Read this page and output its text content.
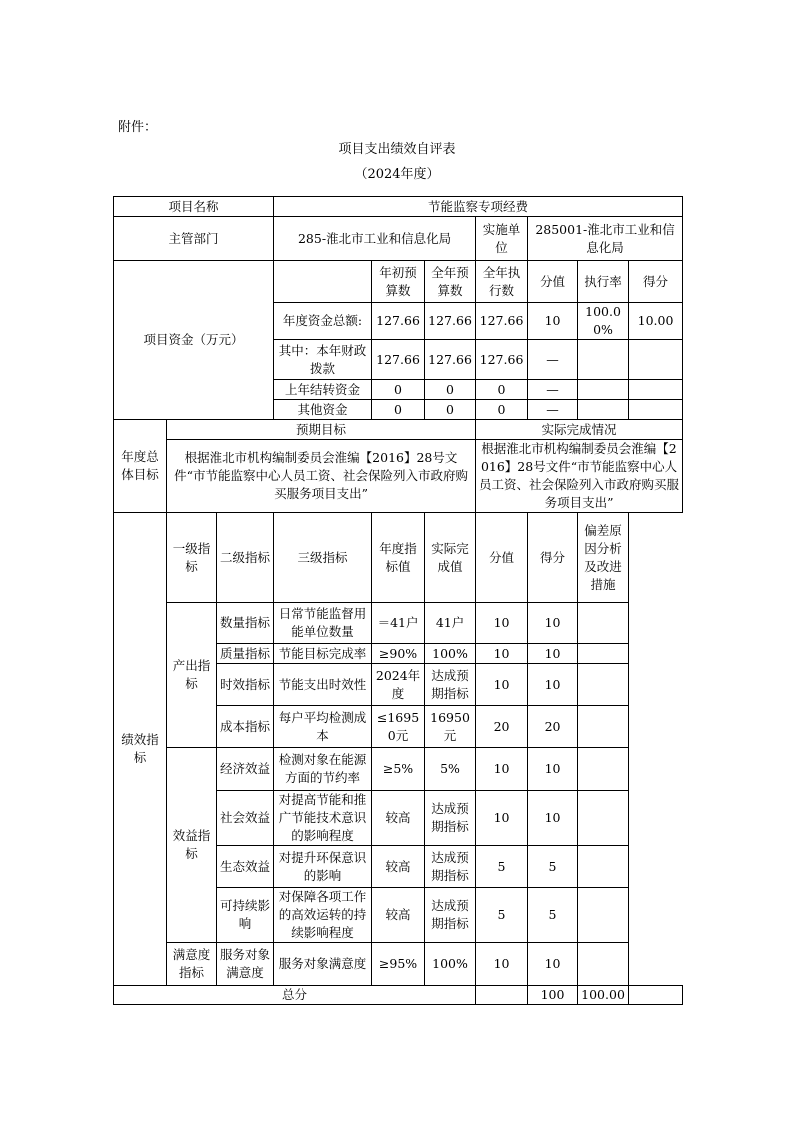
附件：
项目支出绩效自评表
（2024年度）
项目名称			节能监察专项经费						
主管部门			285-淮北市工业和信息化局			实施单位	285001-淮北市工业和信息化局		
项目资金（万元）				年初预算数	全年预算数	全年执行数	分值	执行率	得分
			年度资金总额:	127.66	127.66	127.66	10	100.00%	10.00
			其中：本年财政拨款	127.66	127.66	127.66	—		
			上年结转资金	0	0	0	—		
			其他资金	0	0	0	—		
年度总体目标	预期目标					实际完成情况			
	根据淮北市机构编制委员会淮编【2016】28号文件“市节能监察中心人员工资、社会保险列入市政府购买服务项目支出”					根据淮北市机构编制委员会淮编【2016】28号文件“市节能监察中心人员工资、社会保险列入市政府购买服务项目支出”			
绩效指标	一级指标	二级指标	三级指标	年度指标值	实际完成值	分值	得分	偏差原因分析及改进措施	
	产出指标	数量指标	日常节能监督用能单位数量	＝41户	41户	10	10		
		质量指标	节能目标完成率	≥90%	100%	10	10		
		时效指标	节能支出时效性	2024年度	达成预期指标	10	10		
		成本指标	每户平均检测成本	≤16950元	16950元	20	20		
	效益指标	经济效益	检测对象在能源方面的节约率	≥5%	5%	10	10		
		社会效益	对提高节能和推广节能技术意识的影响程度	较高	达成预期指标	10	10		
		生态效益	对提升环保意识的影响	较高	达成预期指标	5	5		
		可持续影响	对保障各项工作的高效运转的持续影响程度	较高	达成预期指标	5	5		
	满意度指标	服务对象满意度	服务对象满意度	≥95%	100%	10	10		
总分							100	100.00	
